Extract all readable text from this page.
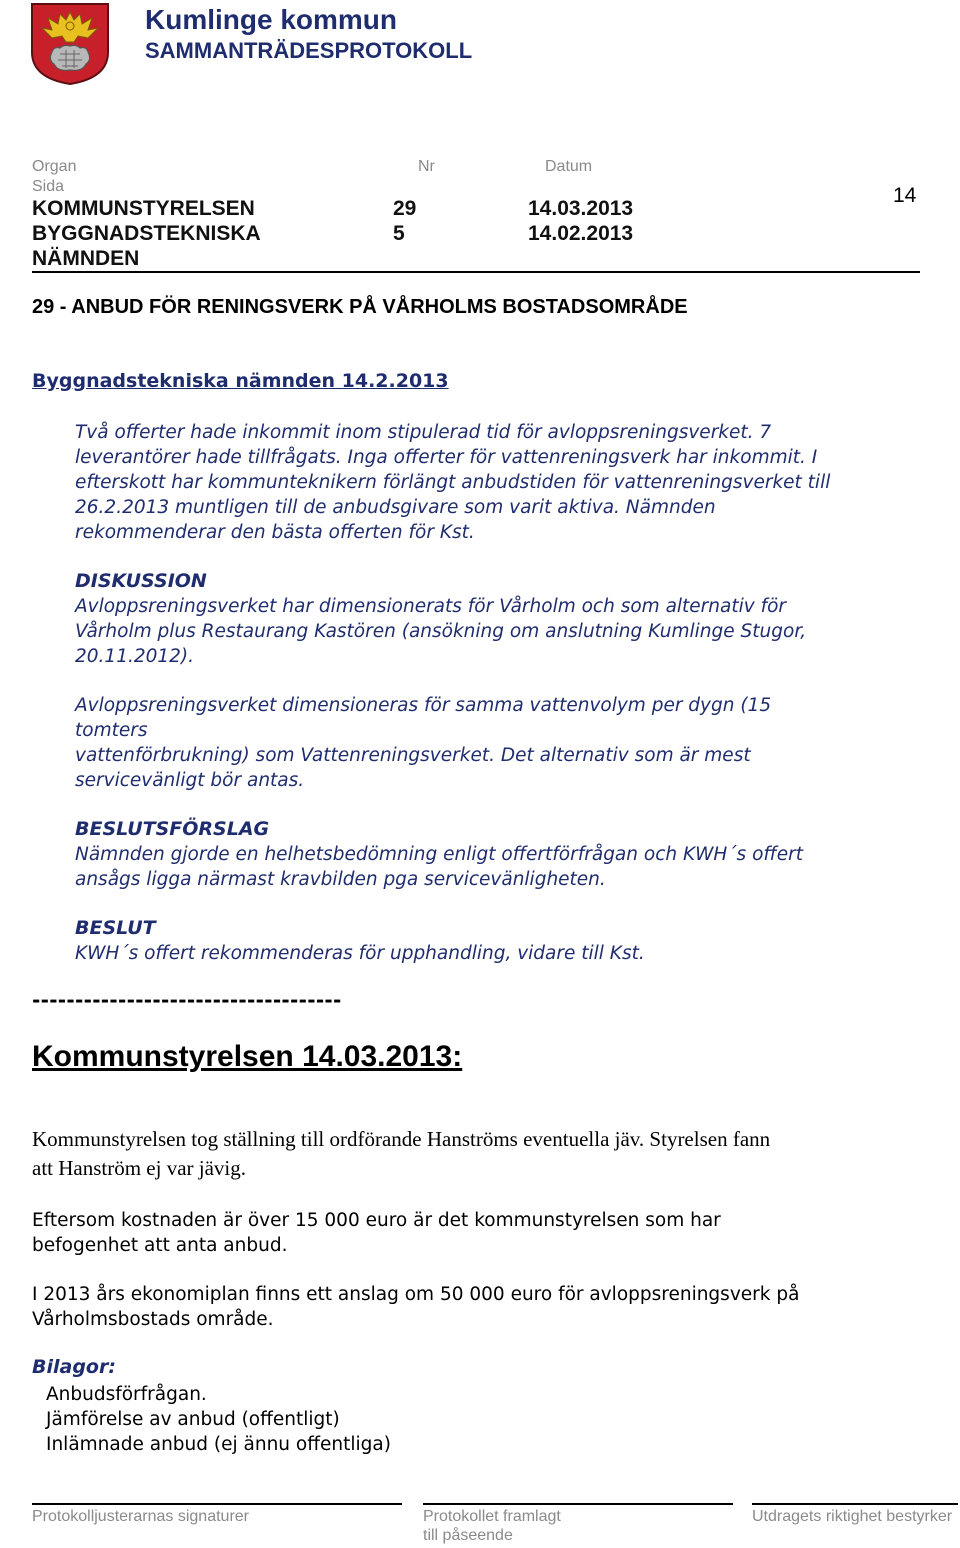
Kumlinge kommun
SAMMANTRÄDESPROTOKOLL
Organ	Nr	Datum
Sida	14
KOMMUNSTYRELSEN	29	14.03.2013
BYGGNADSTEKNISKA	5	14.02.2013
NÄMNDEN
29 - ANBUD FÖR RENINGSVERK PÅ VÅRHOLMS BOSTADSOMRÅDE
Byggnadstekniska nämnden 14.2.2013
Två offerter hade inkommit inom stipulerad tid för avloppsreningsverket. 7
leverantörer hade tillfrågats. Inga offerter för vattenreningsverk har inkommit. I
efterskott har kommunteknikern förlängt anbudstiden för vattenreningsverket till
26.2.2013 muntligen till de anbudsgivare som varit aktiva. Nämnden
rekommenderar den bästa offerten för Kst.
DISKUSSION
Avloppsreningsverket har dimensionerats för Vårholm och som alternativ för
Vårholm plus Restaurang Kastören (ansökning om anslutning Kumlinge Stugor,
20.11.2012).
Avloppsreningsverket dimensioneras för samma vattenvolym per dygn (15
tomters
vattenförbrukning) som Vattenreningsverket. Det alternativ som är mest
servicevänligt bör antas.
BESLUTSFÖRSLAG
Nämnden gjorde en helhetsbedömning enligt offertförfrågan och KWH´s offert
ansågs ligga närmast kravbilden pga servicevänligheten.
BESLUT
KWH´s offert rekommenderas för upphandling, vidare till Kst.
------------------------------------
Kommunstyrelsen 14.03.2013:
Kommunstyrelsen tog ställning till ordförande Hanströms eventuella jäv. Styrelsen fann
att Hanström ej var jävig.
Eftersom kostnaden är över 15 000 euro är det kommunstyrelsen som har
befogenhet att anta anbud.
I 2013 års ekonomiplan finns ett anslag om 50 000 euro för avloppsreningsverk på
Vårholmsbostads område.
Bilagor:
Anbudsförfrågan.
Jämförelse av anbud (offentligt)
Inlämnade anbud (ej ännu offentliga)
Protokolljusterarnas signaturer	Protokollet framlagt
till påseende
Utdragets riktighet bestyrker
